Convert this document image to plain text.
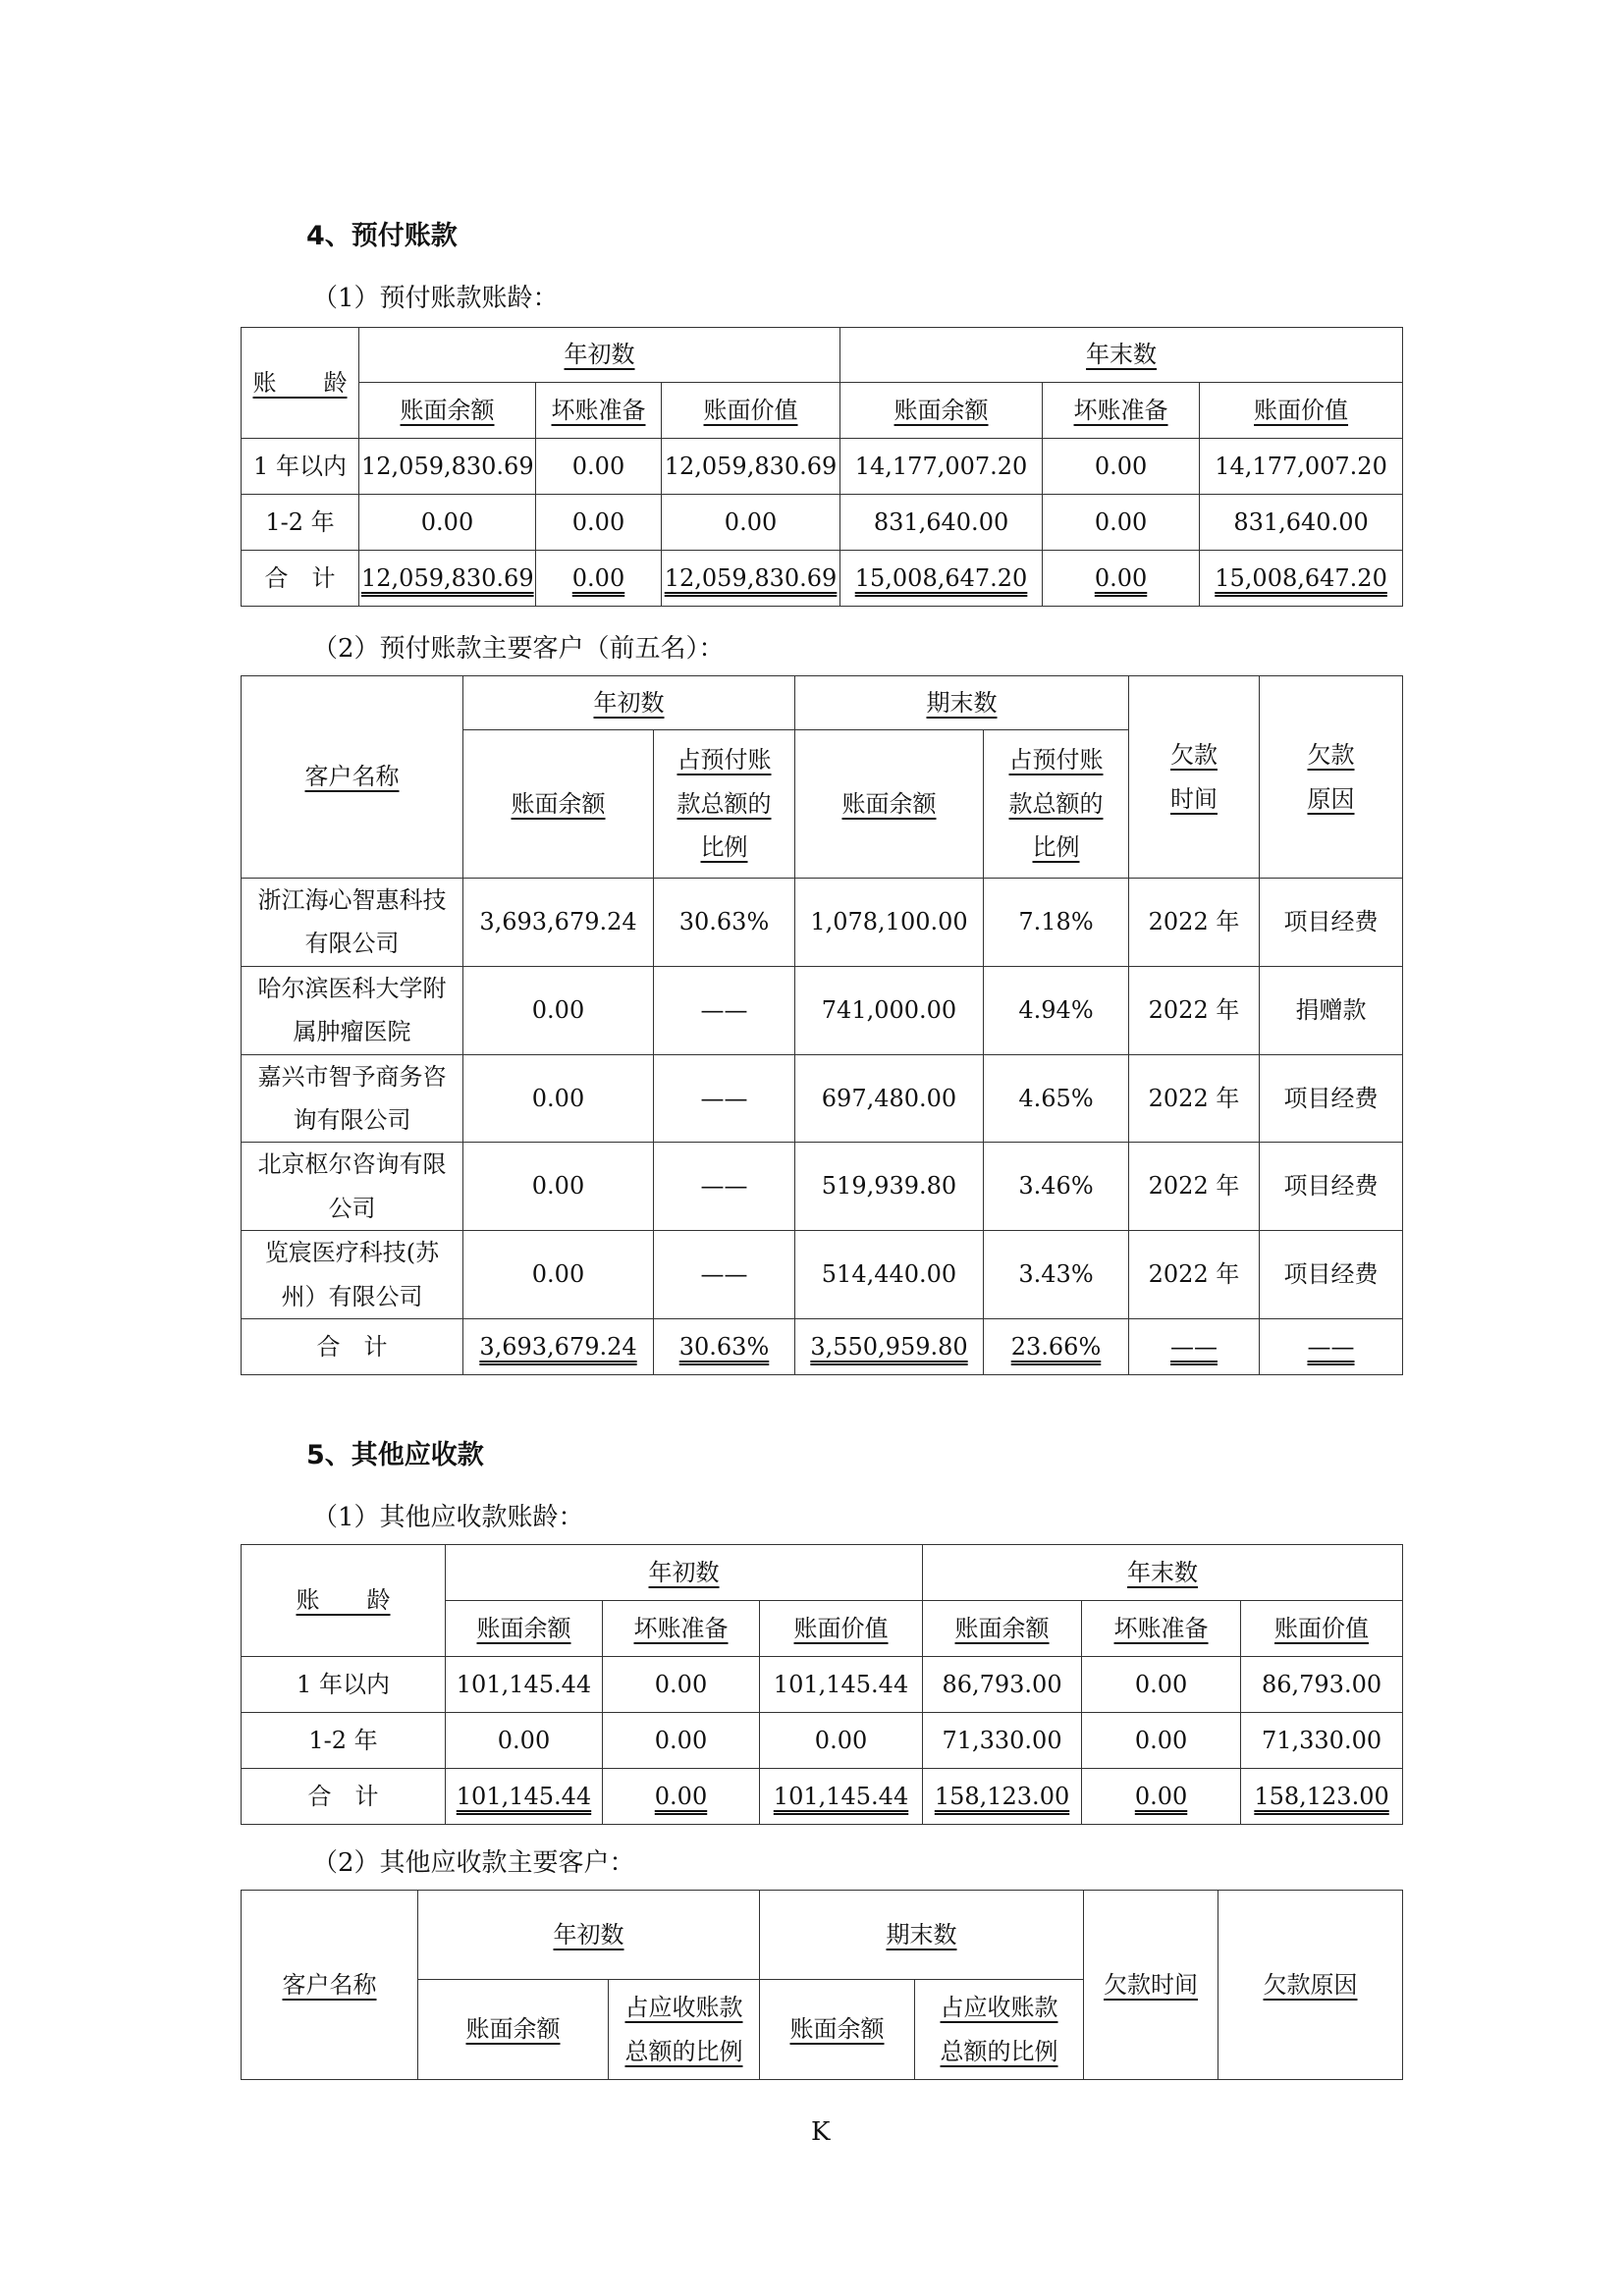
4、预付账款
（1）预付账款账龄：
账　　龄	年初数			年末数		
	账面余额	坏账准备	账面价值	账面余额	坏账准备	账面价值
1 年以内	12,059,830.69	0.00	12,059,830.69	14,177,007.20	0.00	14,177,007.20
1-2 年	0.00	0.00	0.00	831,640.00	0.00	831,640.00
合　计	12,059,830.69	0.00	12,059,830.69	15,008,647.20	0.00	15,008,647.20
（2）预付账款主要客户（前五名）：
客户名称	年初数		期末数		欠款时间	欠款原因
	账面余额	占预付账款总额的比例	账面余额	占预付账款总额的比例		
浙江海心智惠科技有限公司	3,693,679.24	30.63%	1,078,100.00	7.18%	2022 年	项目经费
哈尔滨医科大学附属肿瘤医院	0.00	——	741,000.00	4.94%	2022 年	捐赠款
嘉兴市智予商务咨询有限公司	0.00	——	697,480.00	4.65%	2022 年	项目经费
北京枢尔咨询有限公司	0.00	——	519,939.80	3.46%	2022 年	项目经费
览宸医疗科技(苏州）有限公司	0.00	——	514,440.00	3.43%	2022 年	项目经费
合　计	3,693,679.24	30.63%	3,550,959.80	23.66%	——	——
5、其他应收款
（1）其他应收款账龄：
账　　龄	年初数			年末数		
	账面余额	坏账准备	账面价值	账面余额	坏账准备	账面价值
1 年以内	101,145.44	0.00	101,145.44	86,793.00	0.00	86,793.00
1-2 年	0.00	0.00	0.00	71,330.00	0.00	71,330.00
合　计	101,145.44	0.00	101,145.44	158,123.00	0.00	158,123.00
（2）其他应收款主要客户：
客户名称	年初数		期末数		欠款时间	欠款原因
	账面余额	占应收账款总额的比例	账面余额	占应收账款总额的比例		
K
